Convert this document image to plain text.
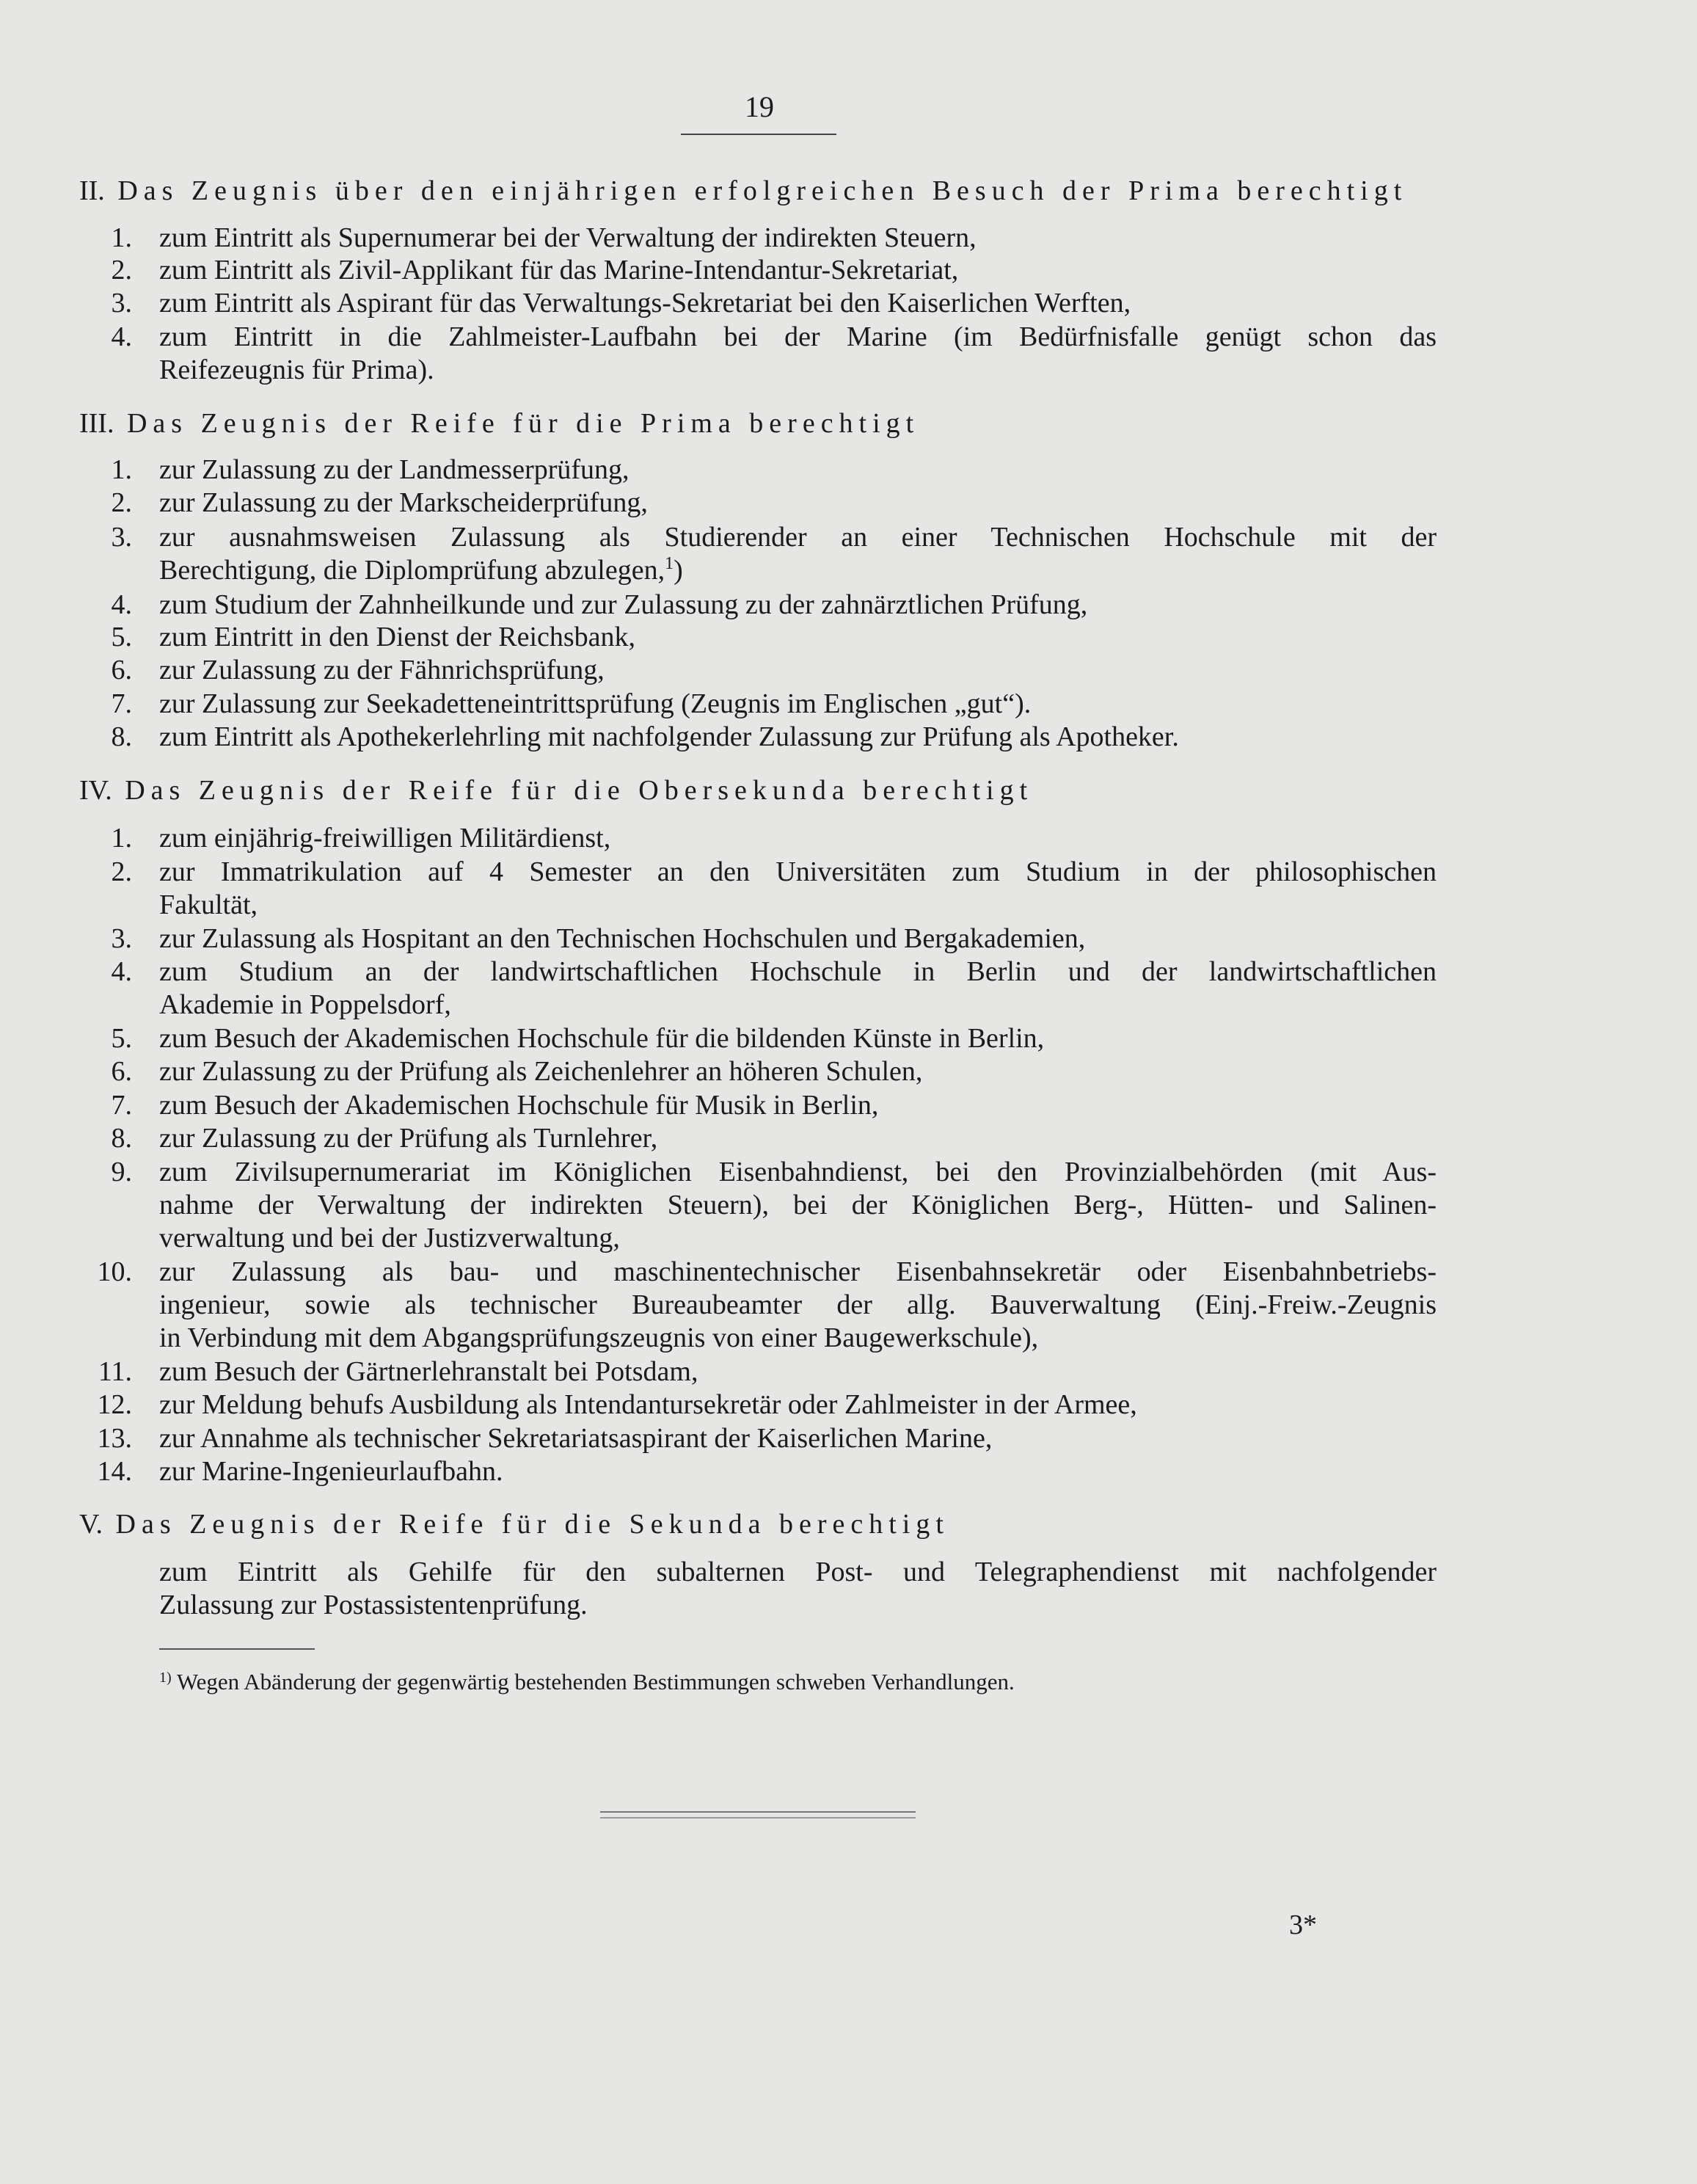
19
II. Das Zeugnis über den einjährigen erfolgreichen Besuch der Prima berechtigt
1. zum Eintritt als Supernumerar bei der Verwaltung der indirekten Steuern,
2. zum Eintritt als Zivil-Applikant für das Marine-Intendantur-Sekretariat,
3. zum Eintritt als Aspirant für das Verwaltungs-Sekretariat bei den Kaiserlichen Werften,
4. zum Eintritt in die Zahlmeister-Laufbahn bei der Marine (im Bedürfnisfalle genügt schon das
Reifezeugnis für Prima).
III. Das Zeugnis der Reife für die Prima berechtigt
1. zur Zulassung zu der Landmesserprüfung,
2. zur Zulassung zu der Markscheiderprüfung,
3. zur ausnahmsweisen Zulassung als Studierender an einer Technischen Hochschule mit der
Berechtigung, die Diplomprüfung abzulegen,$^1$)
4. zum Studium der Zahnheilkunde und zur Zulassung zu der zahnärztlichen Prüfung,
5. zum Eintritt in den Dienst der Reichsbank,
6. zur Zulassung zu der Fähnrichsprüfung,
7. zur Zulassung zur Seekadetteneintrittsprüfung (Zeugnis im Englischen „gut“).
8. zum Eintritt als Apothekerlehrling mit nachfolgender Zulassung zur Prüfung als Apotheker.
IV. Das Zeugnis der Reife für die Obersekunda berechtigt
1. zum einjährig-freiwilligen Militärdienst,
2. zur Immatrikulation auf 4 Semester an den Universitäten zum Studium in der philosophischen
Fakultät,
3. zur Zulassung als Hospitant an den Technischen Hochschulen und Bergakademien,
4. zum Studium an der landwirtschaftlichen Hochschule in Berlin und der landwirtschaftlichen
Akademie in Poppelsdorf,
5. zum Besuch der Akademischen Hochschule für die bildenden Künste in Berlin,
6. zur Zulassung zu der Prüfung als Zeichenlehrer an höheren Schulen,
7. zum Besuch der Akademischen Hochschule für Musik in Berlin,
8. zur Zulassung zu der Prüfung als Turnlehrer,
9. zum Zivilsupernumerariat im Königlichen Eisenbahndienst, bei den Provinzialbehörden (mit Aus-
nahme der Verwaltung der indirekten Steuern), bei der Königlichen Berg-, Hütten- und Salinen-
verwaltung und bei der Justizverwaltung,
10. zur Zulassung als bau- und maschinentechnischer Eisenbahnsekretär oder Eisenbahnbetriebs-
ingenieur, sowie als technischer Bureaubeamter der allg. Bauverwaltung (Einj.-Freiw.-Zeugnis
in Verbindung mit dem Abgangsprüfungszeugnis von einer Baugewerkschule),
11. zum Besuch der Gärtnerlehranstalt bei Potsdam,
12. zur Meldung behufs Ausbildung als Intendantursekretär oder Zahlmeister in der Armee,
13. zur Annahme als technischer Sekretariatsaspirant der Kaiserlichen Marine,
14. zur Marine-Ingenieurlaufbahn.
V. Das Zeugnis der Reife für die Sekunda berechtigt
zum Eintritt als Gehilfe für den subalternen Post- und Telegraphendienst mit nachfolgender
Zulassung zur Postassistentenprüfung.
$^{1)}$ Wegen Abänderung der gegenwärtig bestehenden Bestimmungen schweben Verhandlungen.
3*
